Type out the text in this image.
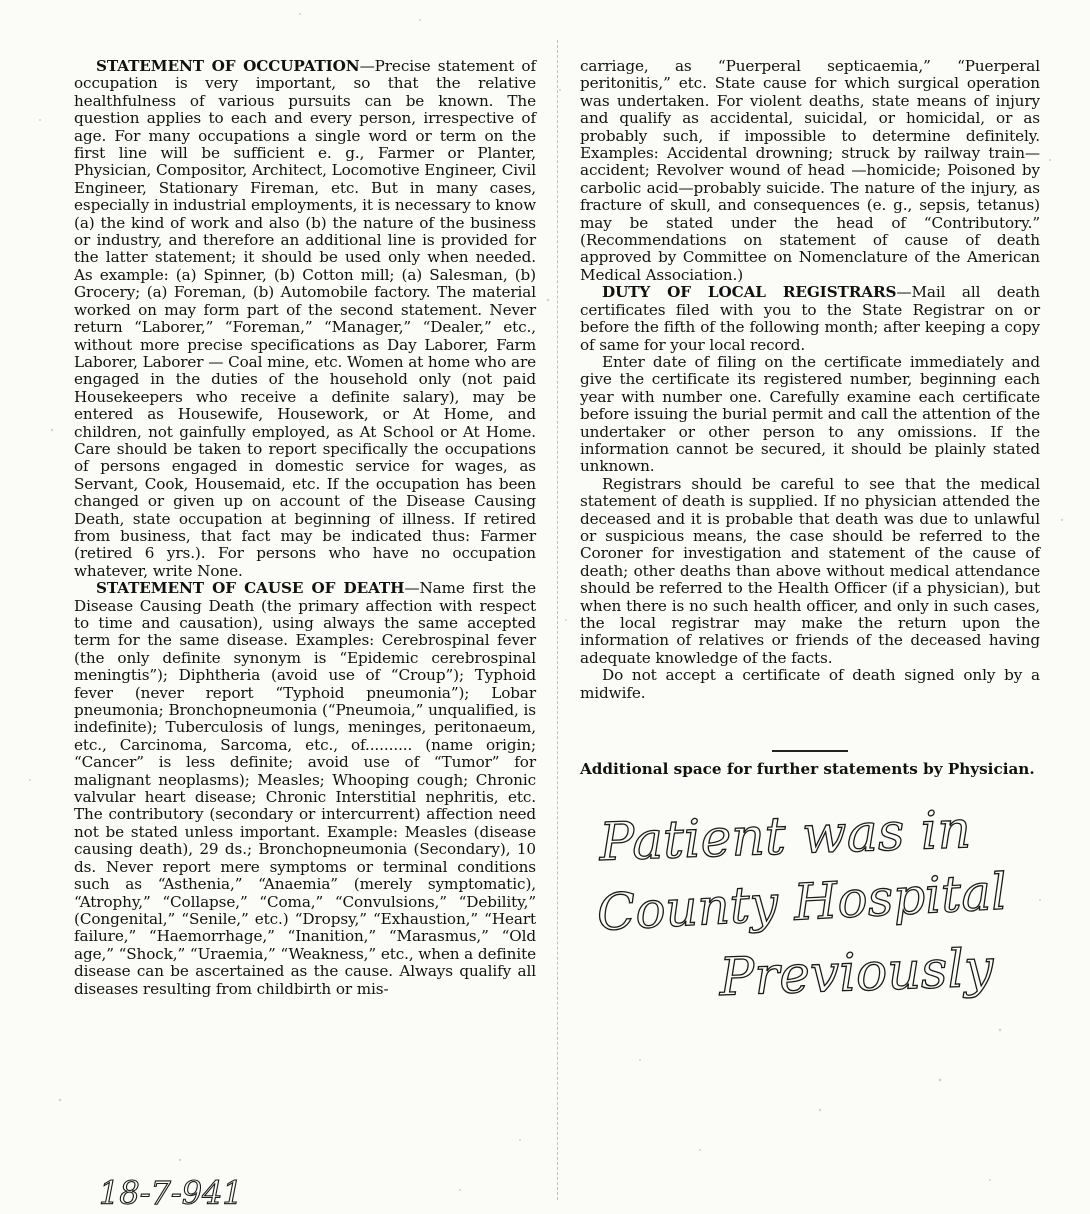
STATEMENT OF OCCUPATION—Precise statement of occupation is very important, so that the relative healthfulness of various pursuits can be known. The question applies to each and every person, irrespective of age. For many occupations a single word or term on the first line will be sufficient e. g., Farmer or Planter, Physician, Compositor, Architect, Locomotive Engineer, Civil Engineer, Stationary Fireman, etc. But in many cases, especially in industrial employments, it is necessary to know (a) the kind of work and also (b) the nature of the business or industry, and therefore an additional line is provided for the latter statement; it should be used only when needed. As example: (a) Spinner, (b) Cotton mill; (a) Salesman, (b) Grocery; (a) Foreman, (b) Automobile factory. The material worked on may form part of the second statement. Never return “Laborer,” “Foreman,” “Manager,” “Dealer,” etc., without more precise specifications as Day Laborer, Farm Laborer, Laborer — Coal mine, etc. Women at home who are engaged in the duties of the household only (not paid Housekeepers who receive a definite salary), may be entered as Housewife, Housework, or At Home, and children, not gainfully employed, as At School or At Home. Care should be taken to report specifically the occupations of persons engaged in domestic service for wages, as Servant, Cook, Housemaid, etc. If the occupation has been changed or given up on account of the Disease Causing Death, state occupation at beginning of illness. If retired from business, that fact may be indicated thus: Farmer (retired 6 yrs.). For persons who have no occupation whatever, write None.

STATEMENT OF CAUSE OF DEATH—Name first the Disease Causing Death (the primary affection with respect to time and causation), using always the same accepted term for the same disease. Examples: Cerebrospinal fever (the only definite synonym is “Epidemic cerebrospinal meningtis”); Diphtheria (avoid use of “Croup”); Typhoid fever (never report “Typhoid pneumonia”); Lobar pneumonia; Bronchopneumonia (“Pneumoia,” unqualified, is indefinite); Tuberculosis of lungs, meninges, peritonaeum, etc., Carcinoma, Sarcoma, etc., of.......... (name origin; “Cancer” is less definite; avoid use of “Tumor” for malignant neoplasms); Measles; Whooping cough; Chronic valvular heart disease; Chronic Interstitial nephritis, etc. The contributory (secondary or intercurrent) affection need not be stated unless important. Example: Measles (disease causing death), 29 ds.; Bronchopneumonia (Secondary), 10 ds. Never report mere symptoms or terminal conditions such as “Asthenia,” “Anaemia” (merely symptomatic), “Atrophy,” “Collapse,” “Coma,” “Convulsions,” “Debility,” (Congenital,” “Senile,” etc.) “Dropsy,” “Exhaustion,” “Heart failure,” “Haemorrhage,” “Inanition,” “Marasmus,” “Old age,” “Shock,” “Uraemia,” “Weakness,” etc., when a definite disease can be ascertained as the cause. Always qualify all diseases resulting from childbirth or mis-

carriage, as “Puerperal septicaemia,” “Puerperal peritonitis,” etc. State cause for which surgical operation was undertaken. For violent deaths, state means of injury and qualify as accidental, suicidal, or homicidal, or as probably such, if impossible to determine definitely. Examples: Accidental drowning; struck by railway train—accident; Revolver wound of head —homicide; Poisoned by carbolic acid—probably suicide. The nature of the injury, as fracture of skull, and consequences (e. g., sepsis, tetanus) may be stated under the head of “Contributory.” (Recommendations on statement of cause of death approved by Committee on Nomenclature of the American Medical Association.)

DUTY OF LOCAL REGISTRARS—Mail all death certificates filed with you to the State Registrar on or before the fifth of the following month; after keeping a copy of same for your local record.

Enter date of filing on the certificate immediately and give the certificate its registered number, beginning each year with number one. Carefully examine each certificate before issuing the burial permit and call the attention of the undertaker or other person to any omissions. If the information cannot be secured, it should be plainly stated unknown.

Registrars should be careful to see that the medical statement of death is supplied. If no physician attended the deceased and it is probable that death was due to unlawful or suspicious means, the case should be referred to the Coroner for investigation and statement of the cause of death; other deaths than above without medical attendance should be referred to the Health Officer (if a physician), but when there is no such health officer, and only in such cases, the local registrar may make the return upon the information of relatives or friends of the deceased having adequate knowledge of the facts.

Do not accept a certificate of death signed only by a midwife.

Additional space for further statements by Physician.
Patient was in
County Hospital
Previously
18-7-941
